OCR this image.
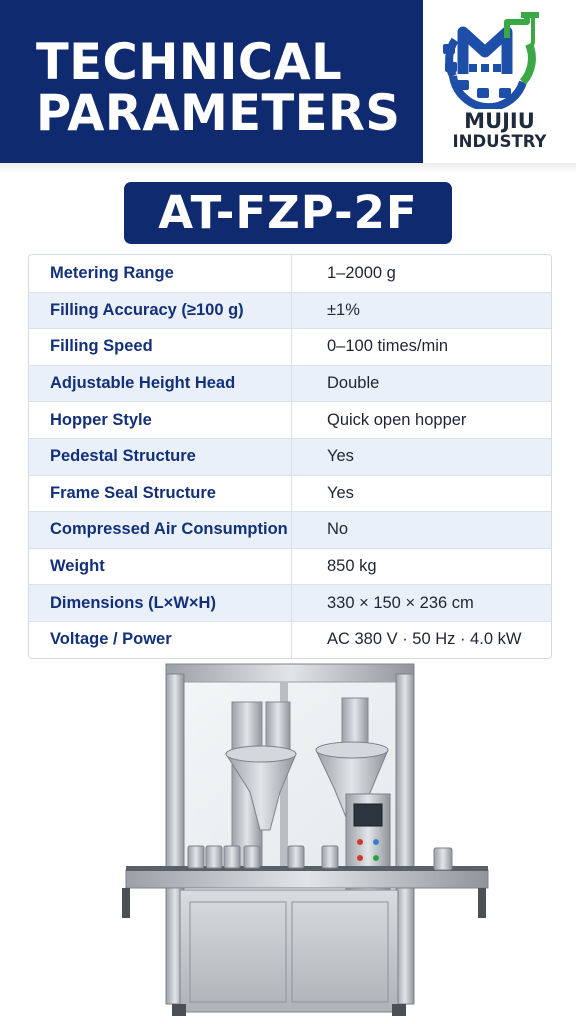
TECHNICAL
PARAMETERS	MUJIU
INDUSTRY
AT-FZP-2F
Metering Range	1–2000 g
Filling Accuracy (≥100 g)	±1%
Filling Speed	0–100 times/min
Adjustable Height Head	Double
Hopper Style	Quick open hopper
Pedestal Structure	Yes
Frame Seal Structure	Yes
Compressed Air Consumption	No
Weight	850 kg
Dimensions (L×W×H)	330 × 150 × 236 cm
Voltage / Power	AC 380 V · 50 Hz · 4.0 kW
